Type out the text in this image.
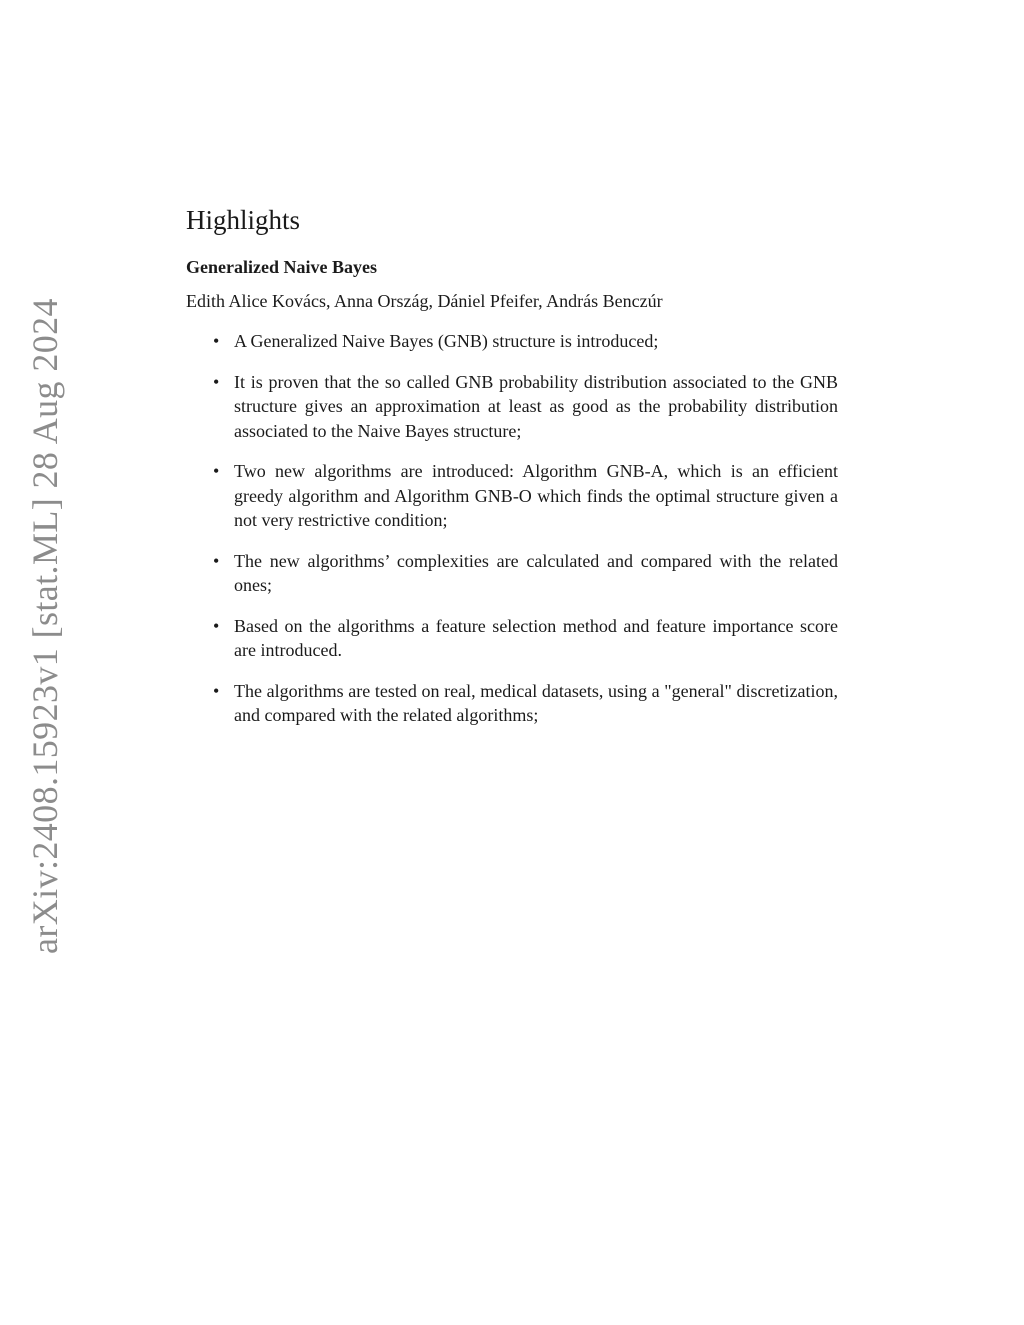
arXiv:2408.15923v1 [stat.ML] 28 Aug 2024
Highlights
Generalized Naive Bayes
Edith Alice Kovács, Anna Ország, Dániel Pfeifer, András Benczúr
• A Generalized Naive Bayes (GNB) structure is introduced;
• It is proven that the so called GNB probability distribution associated to the GNB structure gives an approximation at least as good as the probability distribution associated to the Naive Bayes structure;
• Two new algorithms are introduced: Algorithm GNB-A, which is an efficient greedy algorithm and Algorithm GNB-O which finds the optimal structure given a not very restrictive condition;
• The new algorithms’ complexities are calculated and compared with the related ones;
• Based on the algorithms a feature selection method and feature importance score are introduced.
• The algorithms are tested on real, medical datasets, using a "general" discretization, and compared with the related algorithms;
